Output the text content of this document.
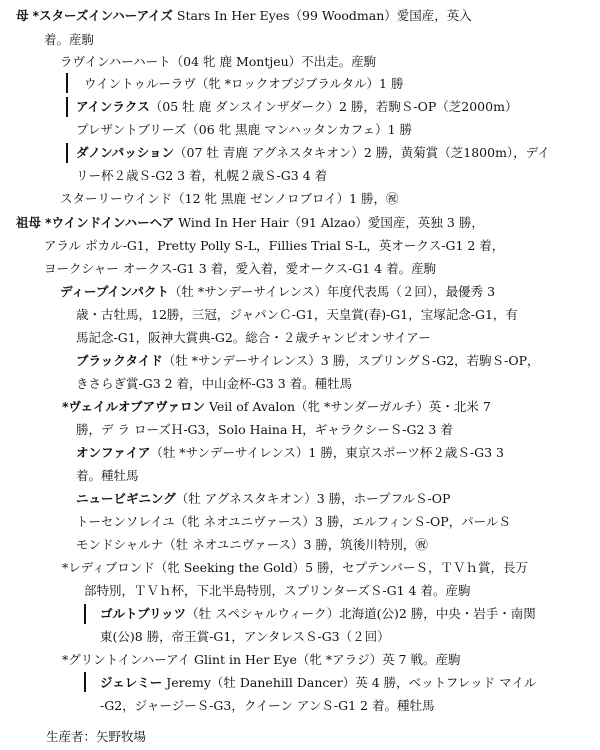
母 *スターズインハーアイズ Stars In Her Eyes（99 Woodman）愛国産，英入
着。産駒
ラヴインハーハート（04 牝 鹿 Montjeu）不出走。産駒
ウイントゥルーラヴ（牝 *ロックオブジブラルタル）1 勝
アインラクス（05 牡 鹿 ダンスインザダーク）2 勝，若駒Ｓ-OP（芝2000m）
プレザントブリーズ（06 牝 黒鹿 マンハッタンカフェ）1 勝
ダノンパッション（07 牡 青鹿 アグネスタキオン）2 勝，黄菊賞（芝1800m），デイ
リー杯２歳Ｓ-G2 3 着，札幌２歳Ｓ-G3 4 着
スターリーウインド（12 牝 黒鹿 ゼンノロブロイ）1 勝，㊗
祖母 *ウインドインハーヘア Wind In Her Hair（91 Alzao）愛国産，英独 3 勝，
アラル ポカル-G1，Pretty Polly S-L，Fillies Trial S-L，英オークス-G1 2 着，
ヨークシャー オークス-G1 3 着，愛入着，愛オークス-G1 4 着。産駒
ディープインパクト（牡 *サンデーサイレンス）年度代表馬（２回），最優秀 3
歳・古牡馬，12勝，三冠，ジャパンＣ-G1，天皇賞(春)-G1，宝塚記念-G1，有
馬記念-G1，阪神大賞典-G2。総合・２歳チャンピオンサイアー
ブラックタイド（牡 *サンデーサイレンス）3 勝，スプリングＳ-G2，若駒Ｓ-OP，
きさらぎ賞-G3 2 着，中山金杯-G3 3 着。種牡馬
*ヴェイルオブアヴァロン Veil of Avalon（牝 *サンダーガルチ）英・北米 7
勝，デ ラ ローズＨ-G3，Solo Haina H，ギャラクシーＳ-G2 3 着
オンファイア（牡 *サンデーサイレンス）1 勝，東京スポーツ杯２歳Ｓ-G3 3
着。種牡馬
ニュービギニング（牡 アグネスタキオン）3 勝，ホープフルＳ-OP
トーセンソレイユ（牝 ネオユニヴァース）3 勝，エルフィンＳ-OP，パールＳ
モンドシャルナ（牡 ネオユニヴァース）3 勝，筑後川特別，㊗
*レディブロンド（牝 Seeking the Gold）5 勝，セプテンバーＳ，ＴＶｈ賞，長万
部特別，ＴＶｈ杯，下北半島特別，スプリンターズＳ-G1 4 着。産駒
ゴルトブリッツ（牡 スペシャルウィーク）北海道(公)2 勝，中央・岩手・南関
東(公)8 勝，帝王賞-G1，アンタレスＳ-G3（２回）
*グリントインハーアイ Glint in Her Eye（牝 *アラジ）英 7 戦。産駒
ジェレミー Jeremy（牡 Danehill Dancer）英 4 勝，ベットフレッド マイル
-G2，ジャージーＳ-G3，クイーン アンＳ-G1 2 着。種牡馬
生産者：矢野牧場
